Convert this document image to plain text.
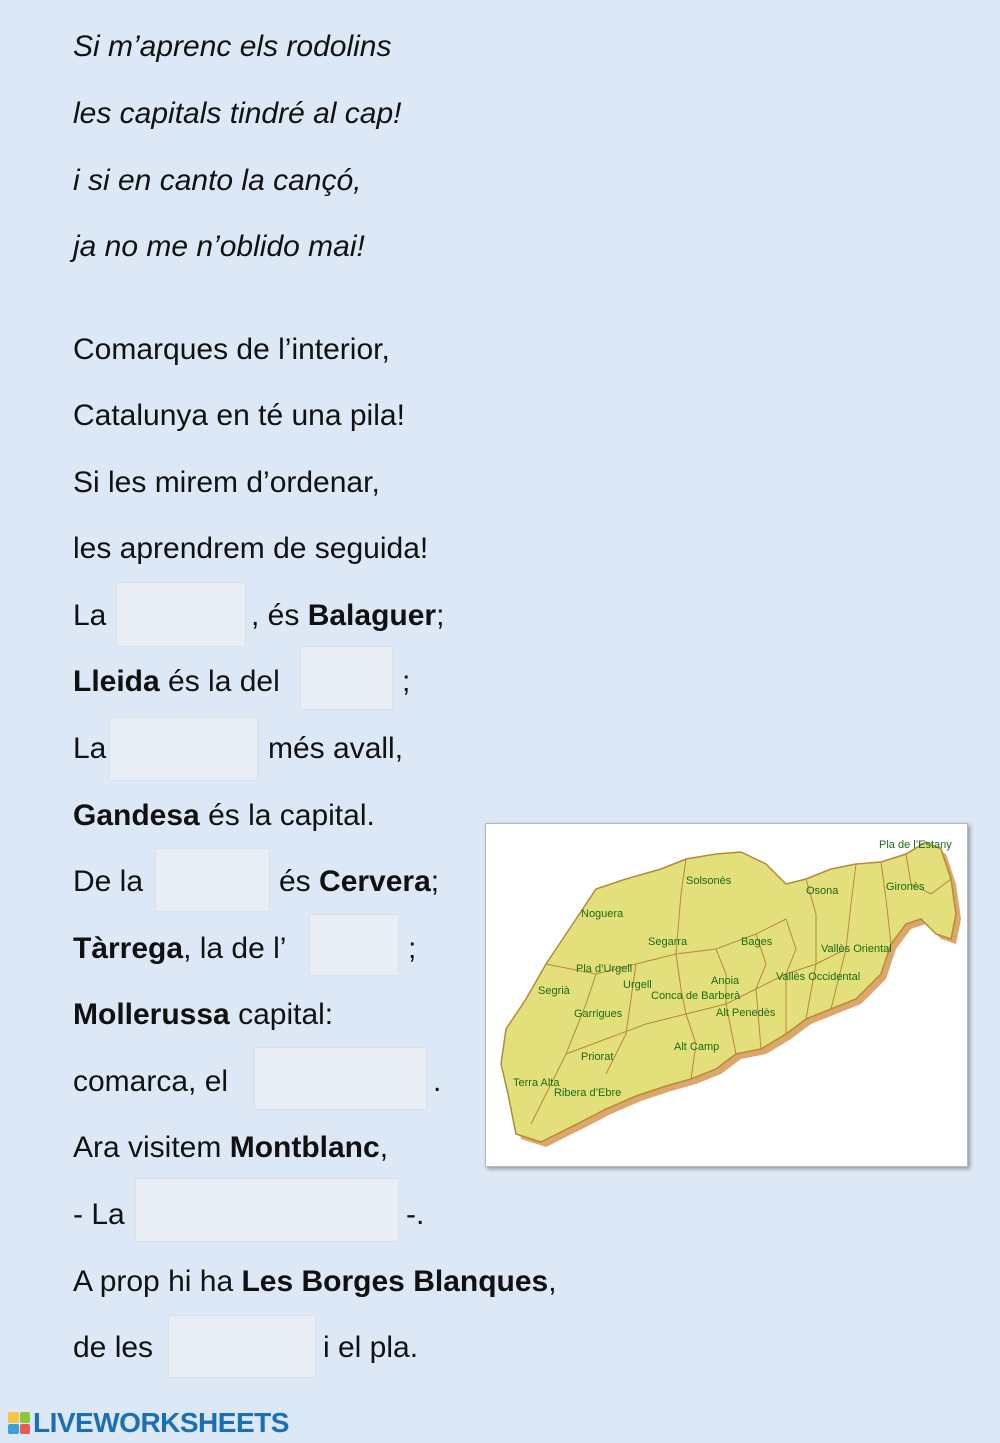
Si m’aprenc els rodolins
les capitals tindré al cap!
i si en canto la cançó,
ja no me n’oblido mai!
Comarques de l’interior,
Catalunya en té una pila!
Si les mirem d’ordenar,
les aprendrem de seguida!
La	, és Balaguer;
Lleida és la del	;
La	més avall,
Gandesa és la capital.
De la	és Cervera;
Tàrrega, la de l’	;
Mollerussa capital:
comarca, el	.
Ara visitem Montblanc,
- La	-.
A prop hi ha Les Borges Blanques,
de les	i el pla.
Pla de l’Estany
Gironès
Solsonès
Osona
Noguera
Segarra	Bages
Vallès Oriental
Pla d’Urgell
Urgell	Anoia	Vallès Occidental
Segrià
Garrigues
Conca de Barberà
Alt Penedès
Alt Camp
Priorat
Terra Alta
Ribera d’Ebre
LIVEWORKSHEETS
